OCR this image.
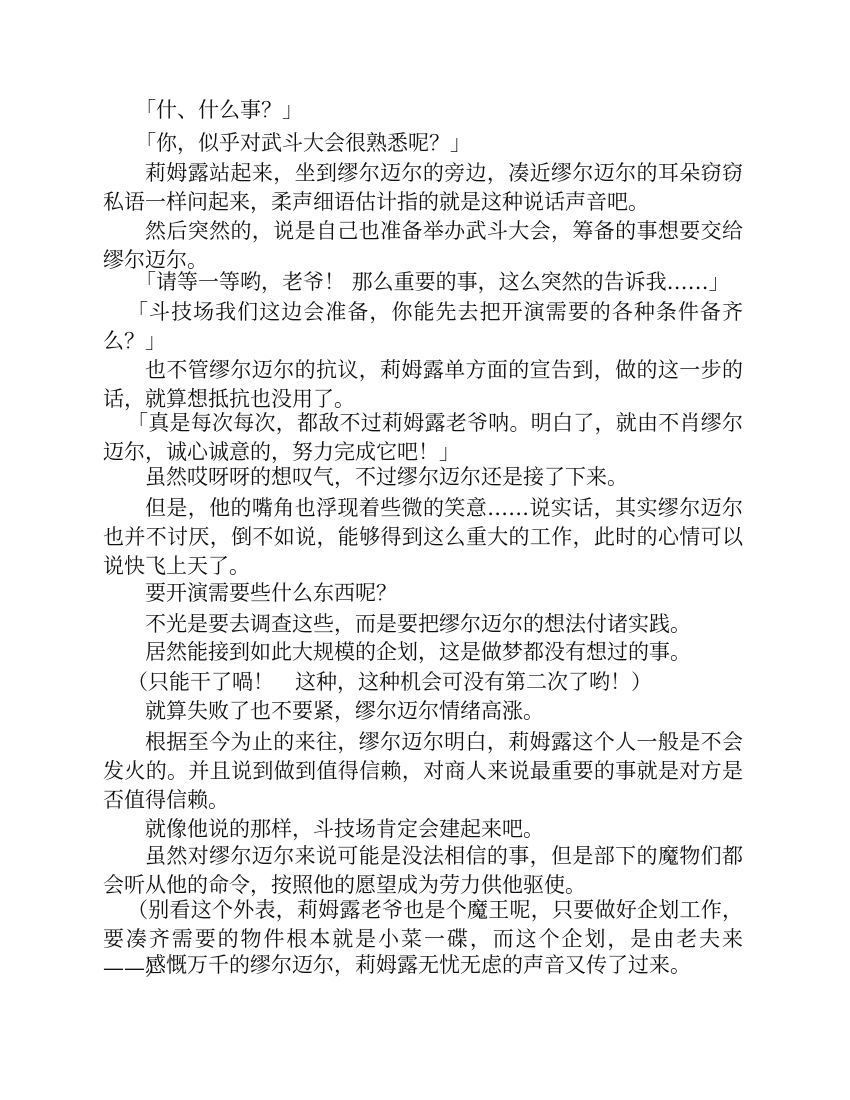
「什、什么事？」

「你，似乎对武斗大会很熟悉呢？」

莉姆露站起来，坐到缪尔迈尔的旁边，凑近缪尔迈尔的耳朵窃窃私语一样问起来，柔声细语估计指的就是这种说话声音吧。

然后突然的，说是自己也准备举办武斗大会，筹备的事想要交给缪尔迈尔。

「请等一等哟，老爷！ 那么重要的事，这么突然的告诉我……」

「斗技场我们这边会准备，你能先去把开演需要的各种条件备齐么？」

也不管缪尔迈尔的抗议，莉姆露单方面的宣告到，做的这一步的话，就算想抵抗也没用了。

「真是每次每次，都敌不过莉姆露老爷呐。明白了，就由不肖缪尔迈尔，诚心诚意的，努力完成它吧！」

虽然哎呀呀的想叹气，不过缪尔迈尔还是接了下来。

但是，他的嘴角也浮现着些微的笑意……说实话，其实缪尔迈尔也并不讨厌，倒不如说，能够得到这么重大的工作，此时的心情可以说快飞上天了。

要开演需要些什么东西呢？

不光是要去调查这些，而是要把缪尔迈尔的想法付诸实践。

居然能接到如此大规模的企划，这是做梦都没有想过的事。

（只能干了喎！　这种，这种机会可没有第二次了哟！）

就算失败了也不要紧，缪尔迈尔情绪高涨。

根据至今为止的来往，缪尔迈尔明白，莉姆露这个人一般是不会发火的。并且说到做到值得信赖，对商人来说最重要的事就是对方是否值得信赖。

就像他说的那样，斗技场肯定会建起来吧。

虽然对缪尔迈尔来说可能是没法相信的事，但是部下的魔物们都会听从他的命令，按照他的愿望成为劳力供他驱使。

（别看这个外表，莉姆露老爷也是个魔王呢，只要做好企划工作，要凑齐需要的物件根本就是小菜一碟，而这个企划，是由老夫来——）

感慨万千的缪尔迈尔，莉姆露无忧无虑的声音又传了过来。
